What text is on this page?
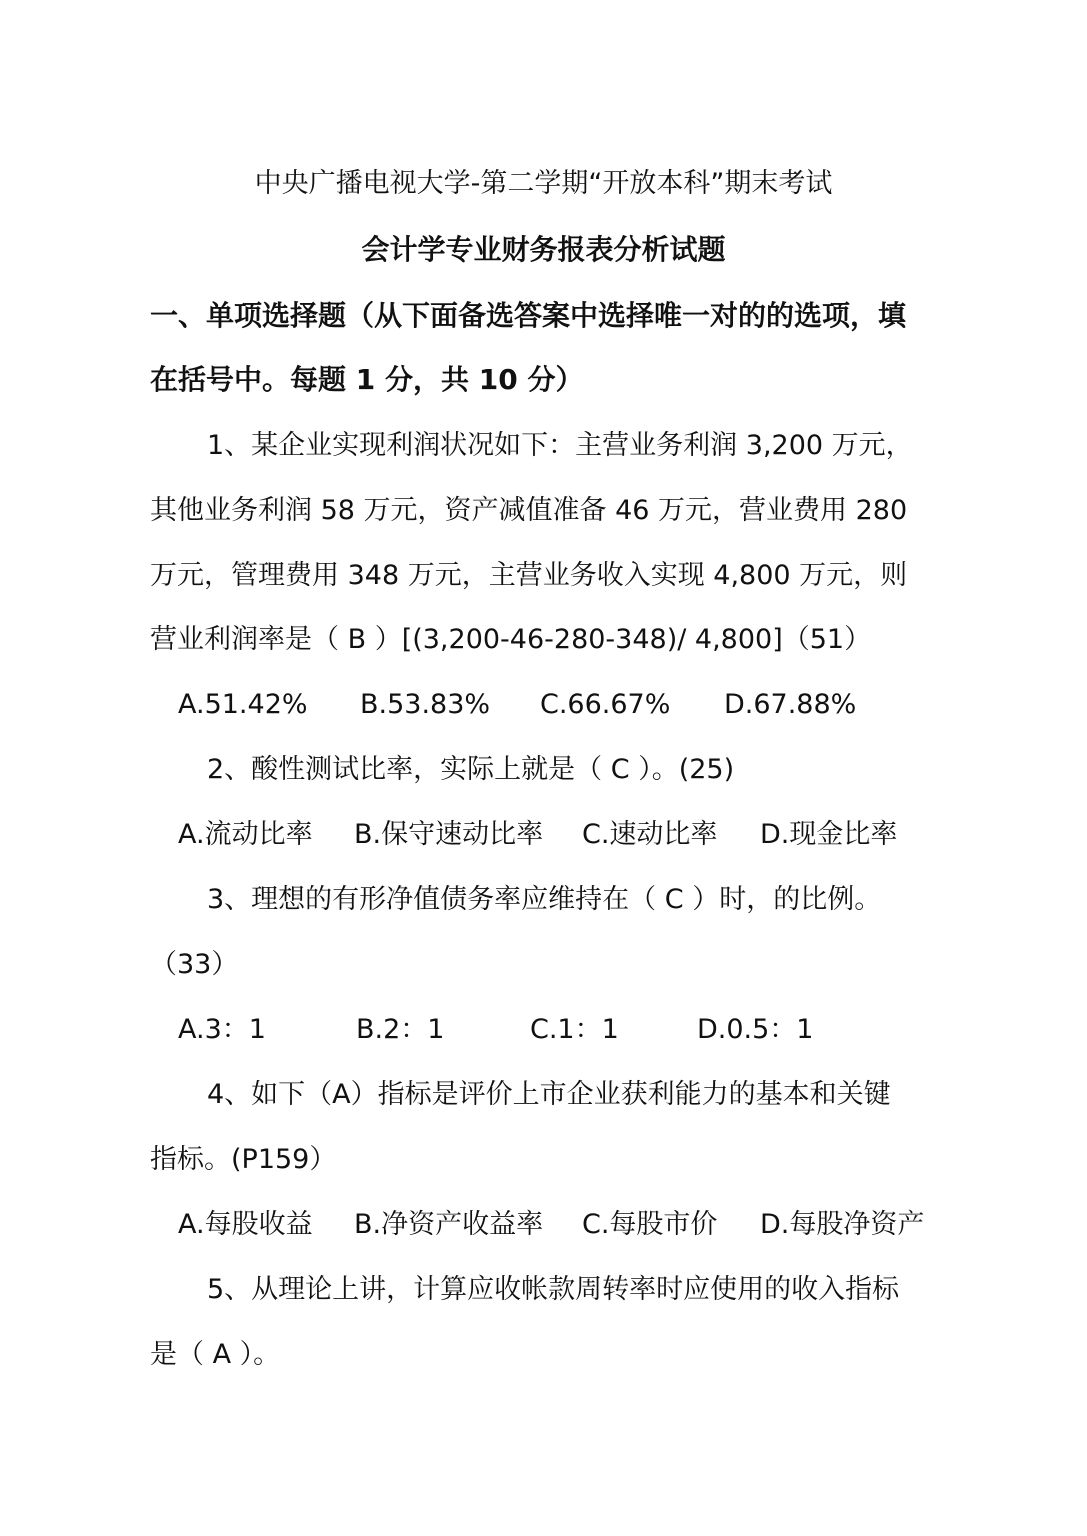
中央广播电视大学-第二学期“开放本科”期末考试
会计学专业财务报表分析试题
一、单项选择题（从下面备选答案中选择唯一对的的选项，填
在括号中。每题 1 分，共 10 分）
1、某企业实现利润状况如下：主营业务利润 3,200 万元，
其他业务利润 58 万元，资产减值准备 46 万元，营业费用 280
万元，管理费用 348 万元，主营业务收入实现 4,800 万元，则
营业利润率是（ B ）[(3,200-46-280-348)/ 4,800]（51）
A.51.42% B.53.83% C.66.67% D.67.88%
2、酸性测试比率，实际上就是（ C ）。(25)
A.流动比率 B.保守速动比率 C.速动比率 D.现金比率
3、理想的有形净值债务率应维持在（ C ）时，的比例。
（33）
A.3：1	B.2：1	C.1：1	D.0.5：1
4、如下（A）指标是评价上市企业获利能力的基本和关键
指标。(P159）
A.每股收益 B.净资产收益率 C.每股市价 D.每股净资产
5、从理论上讲，计算应收帐款周转率时应使用的收入指标
是（ A ）。
